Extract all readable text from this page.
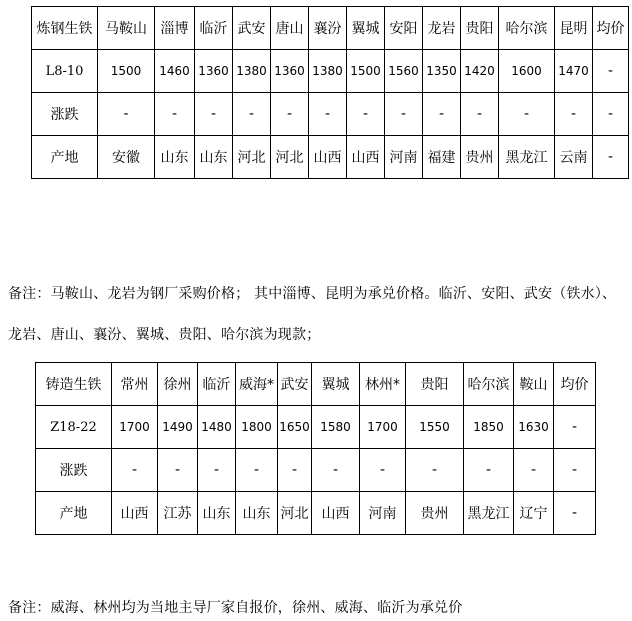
炼钢生铁	马鞍山	淄博	临沂	武安	唐山	襄汾	翼城	安阳	龙岩	贵阳	哈尔滨	昆明	均价
L8-10	1500	1460	1360	1380	1360	1380	1500	1560	1350	1420	1600	1470	-
涨跌	-	-	-	-	-	-	-	-	-	-	-	-	-
产地	安徽	山东	山东	河北	河北	山西	山西	河南	福建	贵州	黑龙江	云南	-
备注：马鞍山、龙岩为钢厂采购价格； 其中淄博、昆明为承兑价格。临沂、安阳、武安（铁水）、
龙岩、唐山、襄汾、翼城、贵阳、哈尔滨为现款；
铸造生铁	常州	徐州	临沂	威海*	武安	翼城	林州*	贵阳	哈尔滨	鞍山	均价
Z18-22	1700	1490	1480	1800	1650	1580	1700	1550	1850	1630	-
涨跌	-	-	-	-	-	-	-	-	-	-	-
产地	山西	江苏	山东	山东	河北	山西	河南	贵州	黑龙江	辽宁	-
备注：威海、林州均为当地主导厂家自报价，徐州、威海、临沂为承兑价
